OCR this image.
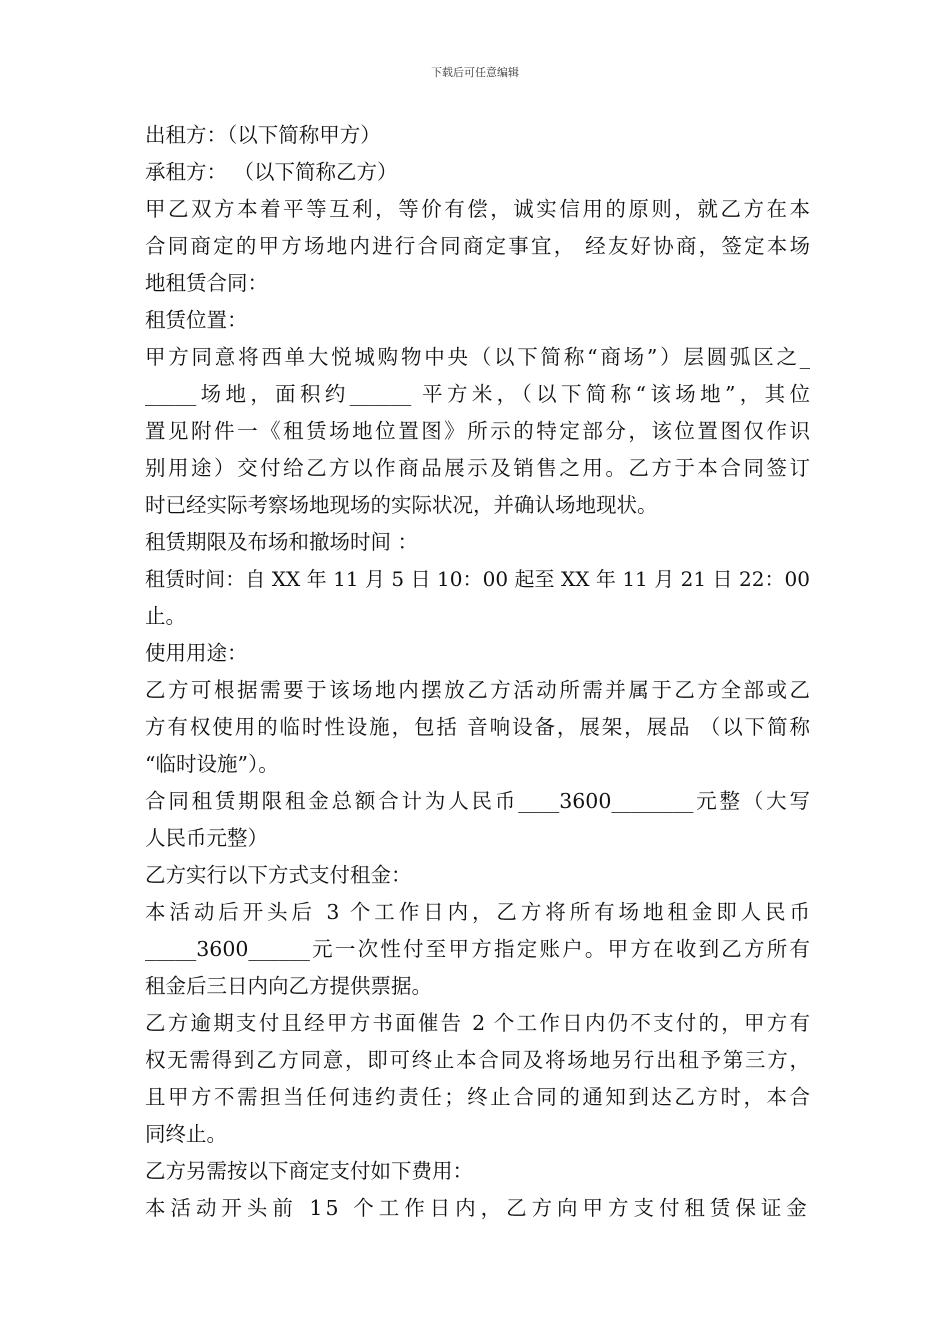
下载后可任意编辑
出租方：（以下简称甲方）
承租方： （以下简称乙方）
甲乙双方本着平等互利，等价有偿，诚实信用的原则，就乙方在本
合同商定的甲方场地内进行合同商定事宜， 经友好协商，签定本场
地租赁合同：
租赁位置：
甲方同意将西单大悦城购物中央（以下简称“商场”）层圆弧区之_
_____场地，面积约______ 平方米，（以下简称“该场地”，其位
置见附件一《租赁场地位置图》所示的特定部分，该位置图仅作识
别用途）交付给乙方以作商品展示及销售之用。乙方于本合同签订
时已经实际考察场地现场的实际状况，并确认场地现状。
租赁期限及布场和撤场时间 ：
租赁时间：自 XX 年 11 月 5 日 10：00 起至 XX 年 11 月 21 日 22：00
止。
使用用途：
乙方可根据需要于该场地内摆放乙方活动所需并属于乙方全部或乙
方有权使用的临时性设施，包括 音响设备，展架，展品 （以下简称
“临时设施”）。
合同租赁期限租金总额合计为人民币____3600________元整（大写
人民币元整）
乙方实行以下方式支付租金：
本活动后开头后 3 个工作日内，乙方将所有场地租金即人民币
_____3600______元一次性付至甲方指定账户。甲方在收到乙方所有
租金后三日内向乙方提供票据。
乙方逾期支付且经甲方书面催告 2 个工作日内仍不支付的，甲方有
权无需得到乙方同意，即可终止本合同及将场地另行出租予第三方，
且甲方不需担当任何违约责任；终止合同的通知到达乙方时，本合
同终止。
乙方另需按以下商定支付如下费用：
本活动开头前 15 个工作日内，乙方向甲方支付租赁保证金
